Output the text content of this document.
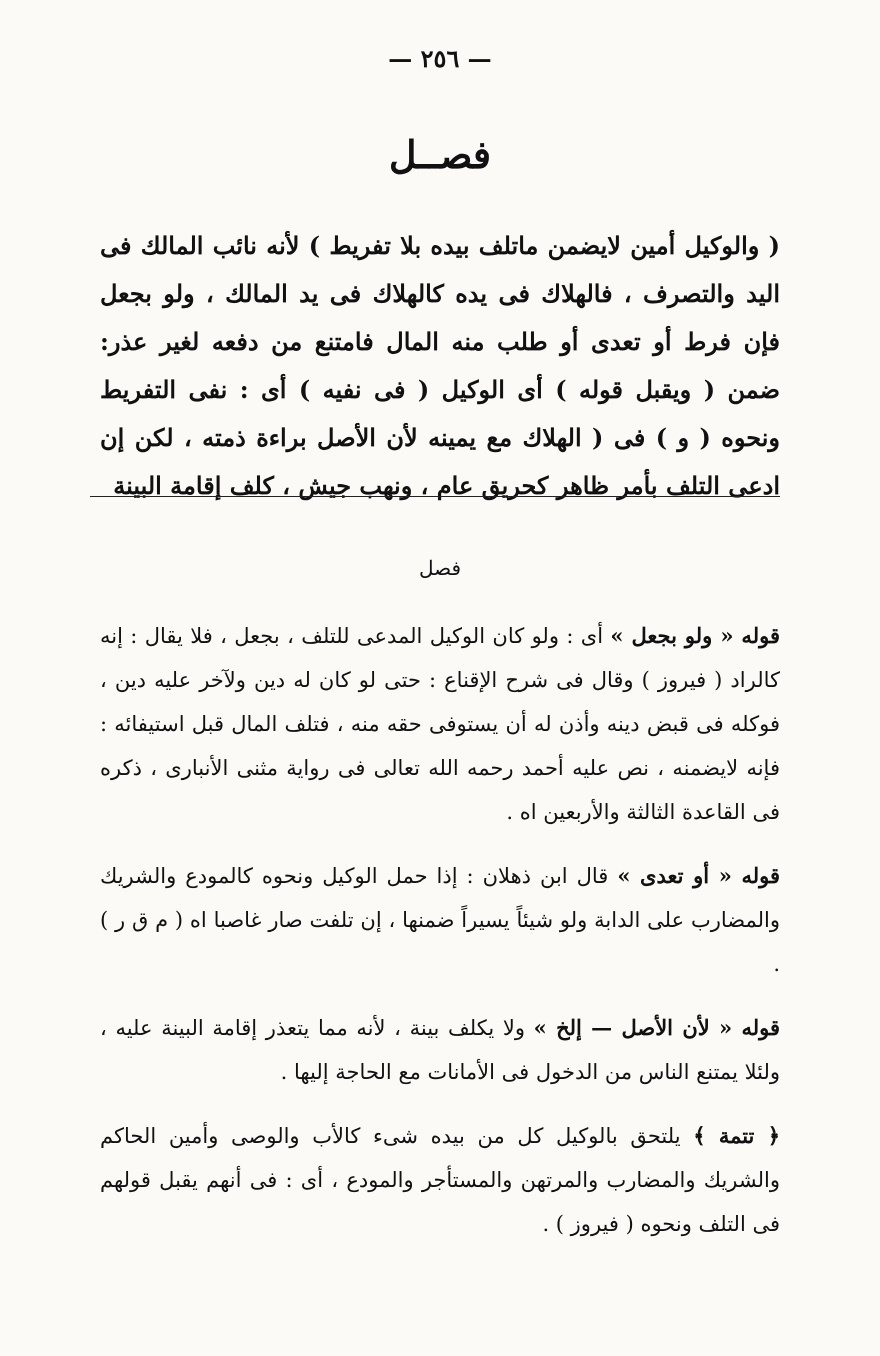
— ٢٥٦ —
فصــل

( والوكيل أمين لايضمن ماتلف بيده بلا تفريط ) لأنه نائب المالك فى اليد والتصرف ، فالهلاك فى يده كالهلاك فى يد المالك ، ولو بجعل فإن فرط أو تعدى أو طلب منه المال فامتنع من دفعه لغير عذر: ضمن ( ويقبل قوله ) أى الوكيل ( فى نفيه ) أى : نفى التفريط ونحوه ( و ) فى ( الهلاك مع يمينه لأن الأصل براءة ذمته ، لكن إن ادعى التلف بأمر ظاهر كحريق عام ، ونهب جيش ، كلف إقامة البينة

فصل

قوله « ولو بجعل » أى : ولو كان الوكيل المدعى للتلف ، بجعل ، فلا يقال : إنه كالراد ( فيروز ) وقال فى شرح الإقناع : حتى لو كان له دين ولآخر عليه دين ، فوكله فى قبض دينه وأذن له أن يستوفى حقه منه ، فتلف المال قبل استيفائه : فإنه لايضمنه ، نص عليه أحمد رحمه الله تعالى فى رواية مثنى الأنبارى ، ذكره فى القاعدة الثالثة والأربعين اه .

قوله « أو تعدى » قال ابن ذهلان : إذا حمل الوكيل ونحوه كالمودع والشريك والمضارب على الدابة ولو شيئاً يسيراً ضمنها ، إن تلفت صار غاصبا اه ( م ق ر ) .

قوله « لأن الأصل — إلخ » ولا يكلف بينة ، لأنه مما يتعذر إقامة البينة عليه ، ولئلا يمتنع الناس من الدخول فى الأمانات مع الحاجة إليها .

﴿ تتمة ﴾ يلتحق بالوكيل كل من بيده شىء كالأب والوصى وأمين الحاكم والشريك والمضارب والمرتهن والمستأجر والمودع ، أى : فى أنهم يقبل قولهم فى التلف ونحوه ( فيروز ) .
